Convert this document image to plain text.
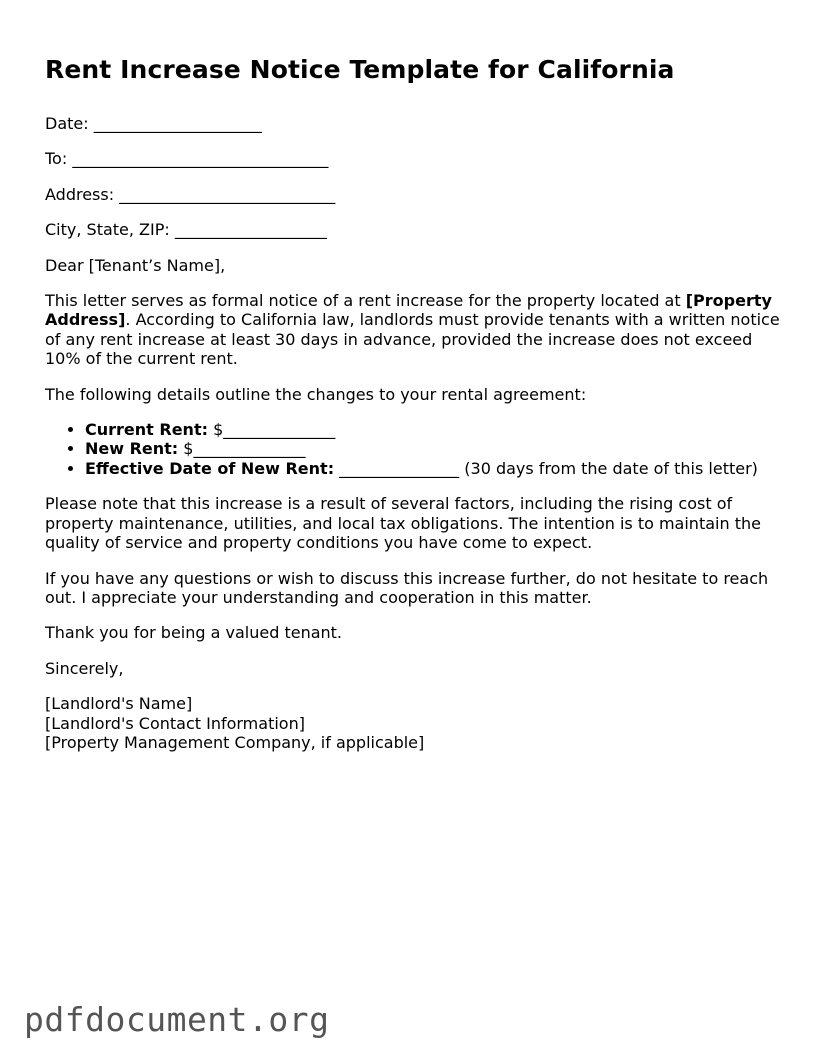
Rent Increase Notice Template for California

Date: _____________________

To: ________________________________

Address: ___________________________

City, State, ZIP: ___________________

Dear [Tenant’s Name],

This letter serves as formal notice of a rent increase for the property located at [Property Address]. According to California law, landlords must provide tenants with a written notice of any rent increase at least 30 days in advance, provided the increase does not exceed 10% of the current rent.

The following details outline the changes to your rental agreement:

• Current Rent: $______________
• New Rent: $______________
• Effective Date of New Rent: _______________ (30 days from the date of this letter)

Please note that this increase is a result of several factors, including the rising cost of property maintenance, utilities, and local tax obligations. The intention is to maintain the quality of service and property conditions you have come to expect.

If you have any questions or wish to discuss this increase further, do not hesitate to reach out. I appreciate your understanding and cooperation in this matter.

Thank you for being a valued tenant.

Sincerely,

[Landlord's Name]

[Landlord's Contact Information]

[Property Management Company, if applicable]

pdfdocument.org
